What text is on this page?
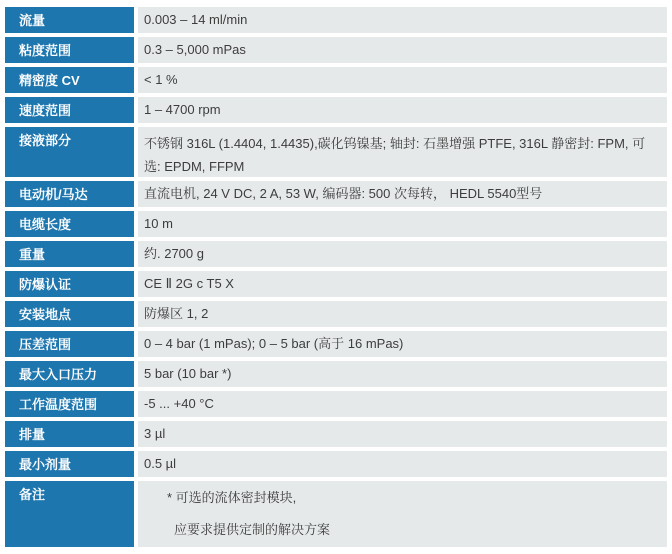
流量	0.003 – 14 ml/min
粘度范围	0.3 – 5,000 mPas
精密度 CV	< 1 %
速度范围	1 – 4700 rpm
接液部分	不锈钢 316L (1.4404, 1.4435),碳化钨镍基; 轴封: 石墨增强 PTFE, 316L 静密封: FPM, 可选: EPDM, FFPM
电动机/马达	直流电机, 24 V DC, 2 A, 53 W, 编码器: 500 次每转， HEDL 5540型号
电缆长度	10 m
重量	约. 2700 g
防爆认证	CE Ⅱ 2G c T5 X
安装地点	防爆区 1, 2
压差范围	0 – 4 bar (1 mPas); 0 – 5 bar (高于 16 mPas)
最大入口压力	5 bar (10 bar *)
工作温度范围	-5 ... +40 °C
排量	3 µl
最小剂量	0.5 µl
备注	* 可选的流体密封模块,
应要求提供定制的解决方案
